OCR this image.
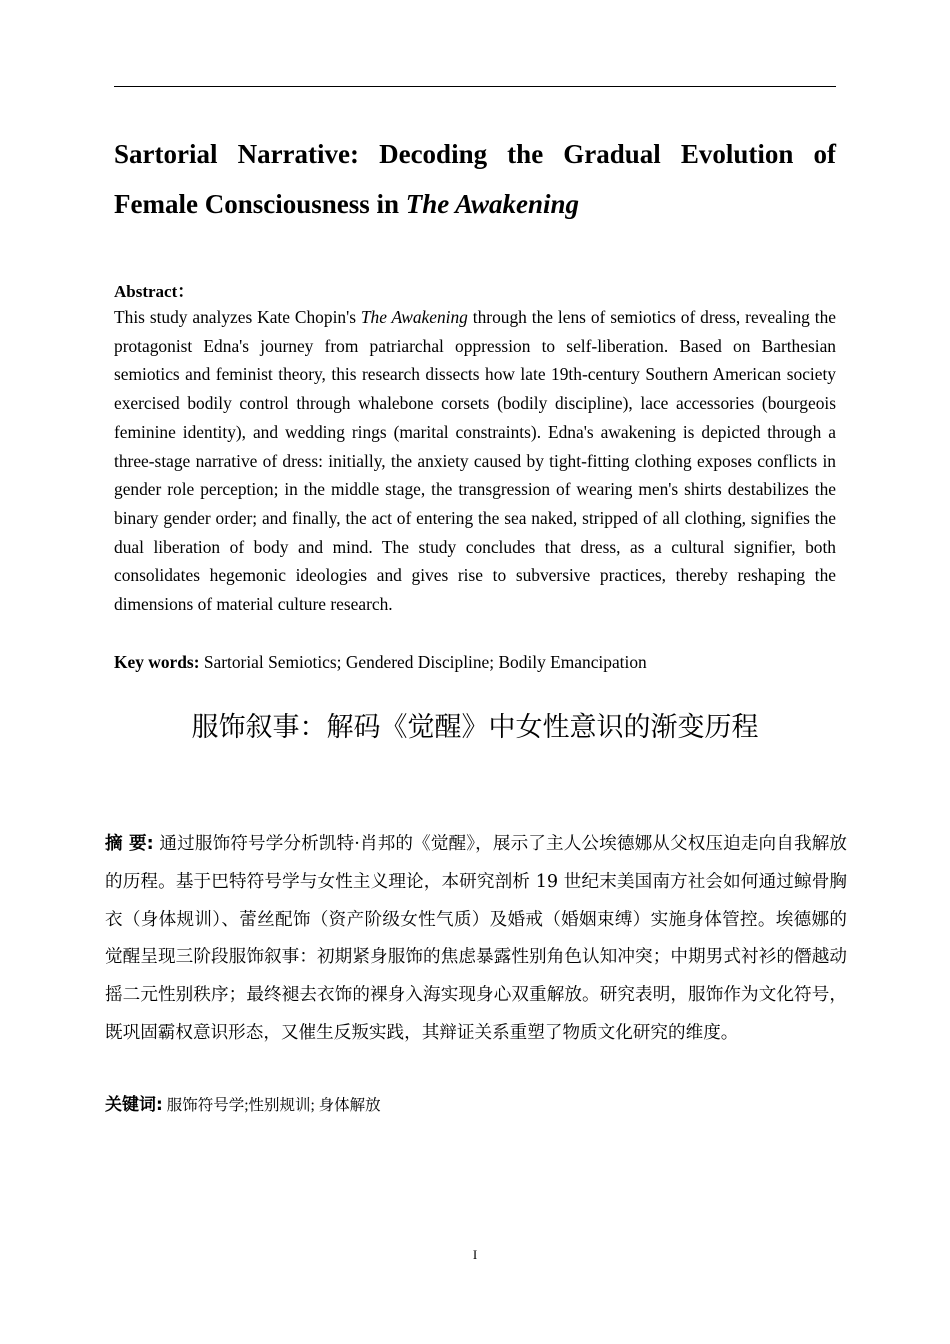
Sartorial Narrative: Decoding the Gradual Evolution of
Female Consciousness in The Awakening
Abstract：
This study analyzes Kate Chopin's The Awakening through the lens of semiotics of dress, revealing the protagonist Edna's journey from patriarchal oppression to self-liberation. Based on Barthesian semiotics and feminist theory, this research dissects how late 19th-century Southern American society exercised bodily control through whalebone corsets (bodily discipline), lace accessories (bourgeois feminine identity), and wedding rings (marital constraints). Edna's awakening is depicted through a three-stage narrative of dress: initially, the anxiety caused by tight-fitting clothing exposes conflicts in gender role perception; in the middle stage, the transgression of wearing men's shirts destabilizes the binary gender order; and finally, the act of entering the sea naked, stripped of all clothing, signifies the dual liberation of body and mind. The study concludes that dress, as a cultural signifier, both consolidates hegemonic ideologies and gives rise to subversive practices, thereby reshaping the dimensions of material culture research.
Key words: Sartorial Semiotics; Gendered Discipline; Bodily Emancipation
服饰叙事：解码《觉醒》中女性意识的渐变历程
摘 要: 通过服饰符号学分析凯特·肖邦的《觉醒》，展示了主人公埃德娜从父权压迫走向自我解放的历程。基于巴特符号学与女性主义理论，本研究剖析 19 世纪末美国南方社会如何通过鲸骨胸衣（身体规训）、蕾丝配饰（资产阶级女性气质）及婚戒（婚姻束缚）实施身体管控。埃德娜的觉醒呈现三阶段服饰叙事：初期紧身服饰的焦虑暴露性别角色认知冲突；中期男式衬衫的僭越动摇二元性别秩序；最终褪去衣饰的裸身入海实现身心双重解放。研究表明，服饰作为文化符号，既巩固霸权意识形态，又催生反叛实践，其辩证关系重塑了物质文化研究的维度。
关键词: 服饰符号学;性别规训; 身体解放
I
